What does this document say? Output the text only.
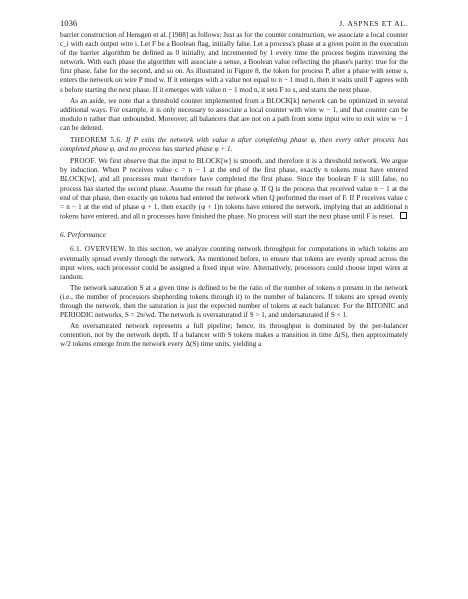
1036	J. ASPNES ET AL.

barrier construction of Hensgen et al. [1988] as follows: Just as for the counter construction, we associate a local counter c_i with each output wire i. Let F be a Boolean flag, initially false. Let a process's phase at a given point in the execution of the barrier algorithm be defined as 0 initially, and incremented by 1 every time the process begins traversing the network. With each phase the algorithm will associate a sense, a Boolean value reflecting the phase's parity: true for the first phase, false for the second, and so on. As illustrated in Figure 8, the token for process P, after a phase with sense s, enters the network on wire P mod w. If it emerges with a value not equal to n − 1 mod n, then it waits until F agrees with s before starting the next phase. If it emerges with value n − 1 mod n, it sets F to s, and starts the next phase.

As an aside, we note that a threshold counter implemented from a BLOCK[k] network can be optimized in several additional ways. For example, it is only necessary to associate a local counter with wire w − 1, and that counter can be modulo n rather than unbounded. Moreover, all balancers that are not on a path from some input wire to exit wire w − 1 can be deleted.

THEOREM 5.6. If P exits the network with value n after completing phase φ, then every other process has completed phase φ, and no process has started phase φ + 1.

PROOF. We first observe that the input to BLOCK[w] is smooth, and therefore it is a threshold network. We argue by induction. When P receives value c = n − 1 at the end of the first phase, exactly n tokens must have entered BLOCK[w], and all processes must therefore have completed the first phase. Since the boolean F is still false, no process has started the second phase. Assume the result for phase φ. If Q is the process that received value n − 1 at the end of that phase, then exactly φn tokens had entered the network when Q performed the reset of F. If P receives value c = n − 1 at the end of phase φ + 1, then exactly (φ + 1)n tokens have entered the network, implying that an additional n tokens have entered, and all n processes have finished the phase. No process will start the next phase until F is reset.

6. Performance

6.1. OVERVIEW. In this section, we analyze counting network throughput for computations in which tokens are eventually spread evenly through the network. As mentioned before, to ensure that tokens are evenly spread across the input wires, each processor could be assigned a fixed input wire. Alternatively, processors could choose input wires at random.

The network saturation S at a given time is defined to be the ratio of the number of tokens n present in the network (i.e., the number of processors shepherding tokens through it) to the number of balancers. If tokens are spread evenly through the network, then the saturation is just the expected number of tokens at each balancer. For the BITONIC and PERIODIC networks, S = 2n/wd. The network is oversaturated if S > 1, and undersaturated if S < 1.

An oversaturated network represents a full pipeline; hence, its throughput is dominated by the per-balancer contention, not by the network depth. If a balancer with S tokens makes a transition in time Δ(S), then approximately w/2 tokens emerge from the network every Δ(S) time units, yielding a
